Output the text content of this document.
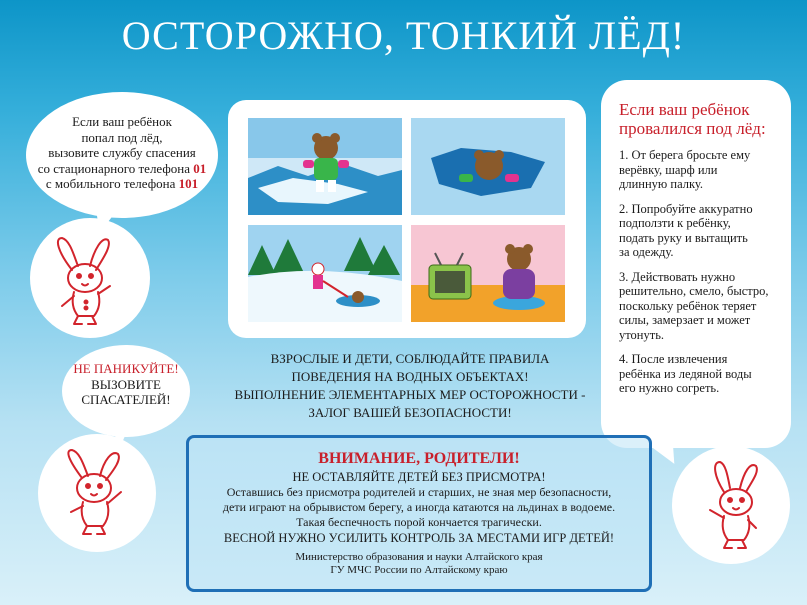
ОСТОРОЖНО, ТОНКИЙ ЛЁД!
Если ваш ребёнок
попал под лёд,
вызовите службу спасения
со стационарного телефона 01
с мобильного телефона 101
НЕ ПАНИКУЙТЕ!
ВЫЗОВИТЕ
СПАСАТЕЛЕЙ!
ВЗРОСЛЫЕ И ДЕТИ, СОБЛЮДАЙТЕ ПРАВИЛА
ПОВЕДЕНИЯ НА ВОДНЫХ ОБЪЕКТАХ!
ВЫПОЛНЕНИЕ ЭЛЕМЕНТАРНЫХ МЕР ОСТОРОЖНОСТИ -
ЗАЛОГ ВАШЕЙ БЕЗОПАСНОСТИ!
Если ваш ребёнок
провалился под лёд:
1. От берега бросьте ему
верёвку, шарф или
длинную палку.
2. Попробуйте аккуратно
подползти к ребёнку,
подать руку и вытащить
за одежду.
3. Действовать нужно
решительно, смело, быстро,
поскольку ребёнок теряет
силы, замерзает и может
утонуть.
4. После извлечения
ребёнка из ледяной воды
его нужно согреть.
ВНИМАНИЕ, РОДИТЕЛИ!
НЕ ОСТАВЛЯЙТЕ ДЕТЕЙ БЕЗ ПРИСМОТРА!
Оставшись без присмотра родителей и старших, не зная мер безопасности,
дети играют на обрывистом берегу, а иногда катаются на льдинах в водоеме.
Такая беспечность порой кончается трагически.
ВЕСНОЙ НУЖНО УСИЛИТЬ КОНТРОЛЬ ЗА МЕСТАМИ ИГР ДЕТЕЙ!
Министерство образования и науки Алтайского края
ГУ МЧС России по Алтайскому краю
